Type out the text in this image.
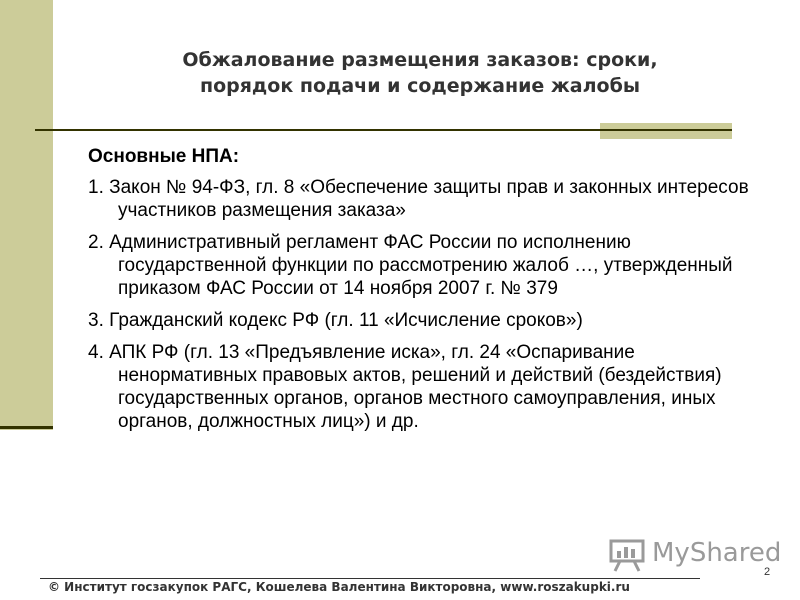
Обжалование размещения заказов: сроки,
порядок подачи и содержание жалобы
Основные НПА:
1. Закон № 94-ФЗ, гл. 8 «Обеспечение защиты прав и законных интересов участников размещения заказа»
2. Административный регламент ФАС России по исполнению государственной функции по рассмотрению жалоб …, утвержденный приказом ФАС России от 14 ноября 2007 г. № 379
3. Гражданский кодекс РФ (гл. 11 «Исчисление сроков»)
4. АПК РФ (гл. 13 «Предъявление иска», гл. 24 «Оспаривание ненормативных правовых актов, решений и действий (бездействия) государственных органов, органов местного самоуправления, иных органов, должностных лиц») и др.
MyShared
2
© Институт госзакупок РАГС, Кошелева Валентина Викторовна, www.roszakupki.ru
